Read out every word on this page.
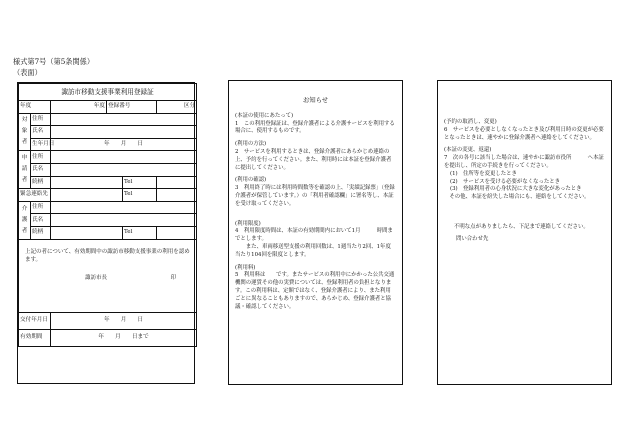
様式第7号（第5条関係）
（表面）
諏訪市移動支援事業利用登録証					
年度		年度	登録番号		区分
対象者	住所				
	氏名				
	生年月日	年　　月　　日			
申請者	住所				
	氏名				
	続柄			Tel	
緊急連絡先				Tel	
介護者	住所				
	氏名				
	続柄			Tel	

上記の者について、有効期間中の諏訪市移動支援事業の利用を認めます。
諏訪市長 印					

交付年月日		年　　月　　日			
有効期間		年　　月　　日まで			

お知らせ

(本証の使用にあたって)

1　この利用登録証は、登録介護者による介護サービスを利用する場合に、使用するものです。

(利用の方法)

2　サービスを利用するときは、登録介護者にあらかじめ連絡の上、予約を行ってください。また、利用時には本証を登録介護者に提出してください。

(利用の確認)

3　利用終了時には利用時間数等を確認の上、「実績記録票」（登録介護者が保管しています。）の「利用者確認欄」に署名等し、本証を受け取ってください。

(利用限度)

4　利用限度時間は、本証の有効期間内において1月　　　時間までとします。
　　また、車両移送型支援の利用回数は、1週当たり2回、1年度当たり104回を限度とします。

(利用料)

5　利用料は　　です。またサービスの利用中にかかった公共交通機関の運賃その他の実費については、登録利用者の負担となります。この利用料は、定額ではなく、登録介護者により、また利用ごとに異なることもありますので、あらかじめ、登録介護者と協議・確認してください。

(予約の取消し、変更)

6　サービスを必要としなくなったとき及び利用日時の変更が必要となったときは、速やかに登録介護者へ連絡をしてください。

(本証の変更、返還)

7　次の各号に該当した場合は、速やかに諏訪市役所　　　へ本証を提出し、所定の手続きを行ってください。

(1)　住所等を変更したとき

(2)　サービスを受ける必要がなくなったとき

(3)　登録利用者の心身状況に大きな変化があったとき

　その他、本証を紛失した場合にも、連絡をしてください。

不明な点がありましたら、下記まで連絡してください。

問い合わせ先
